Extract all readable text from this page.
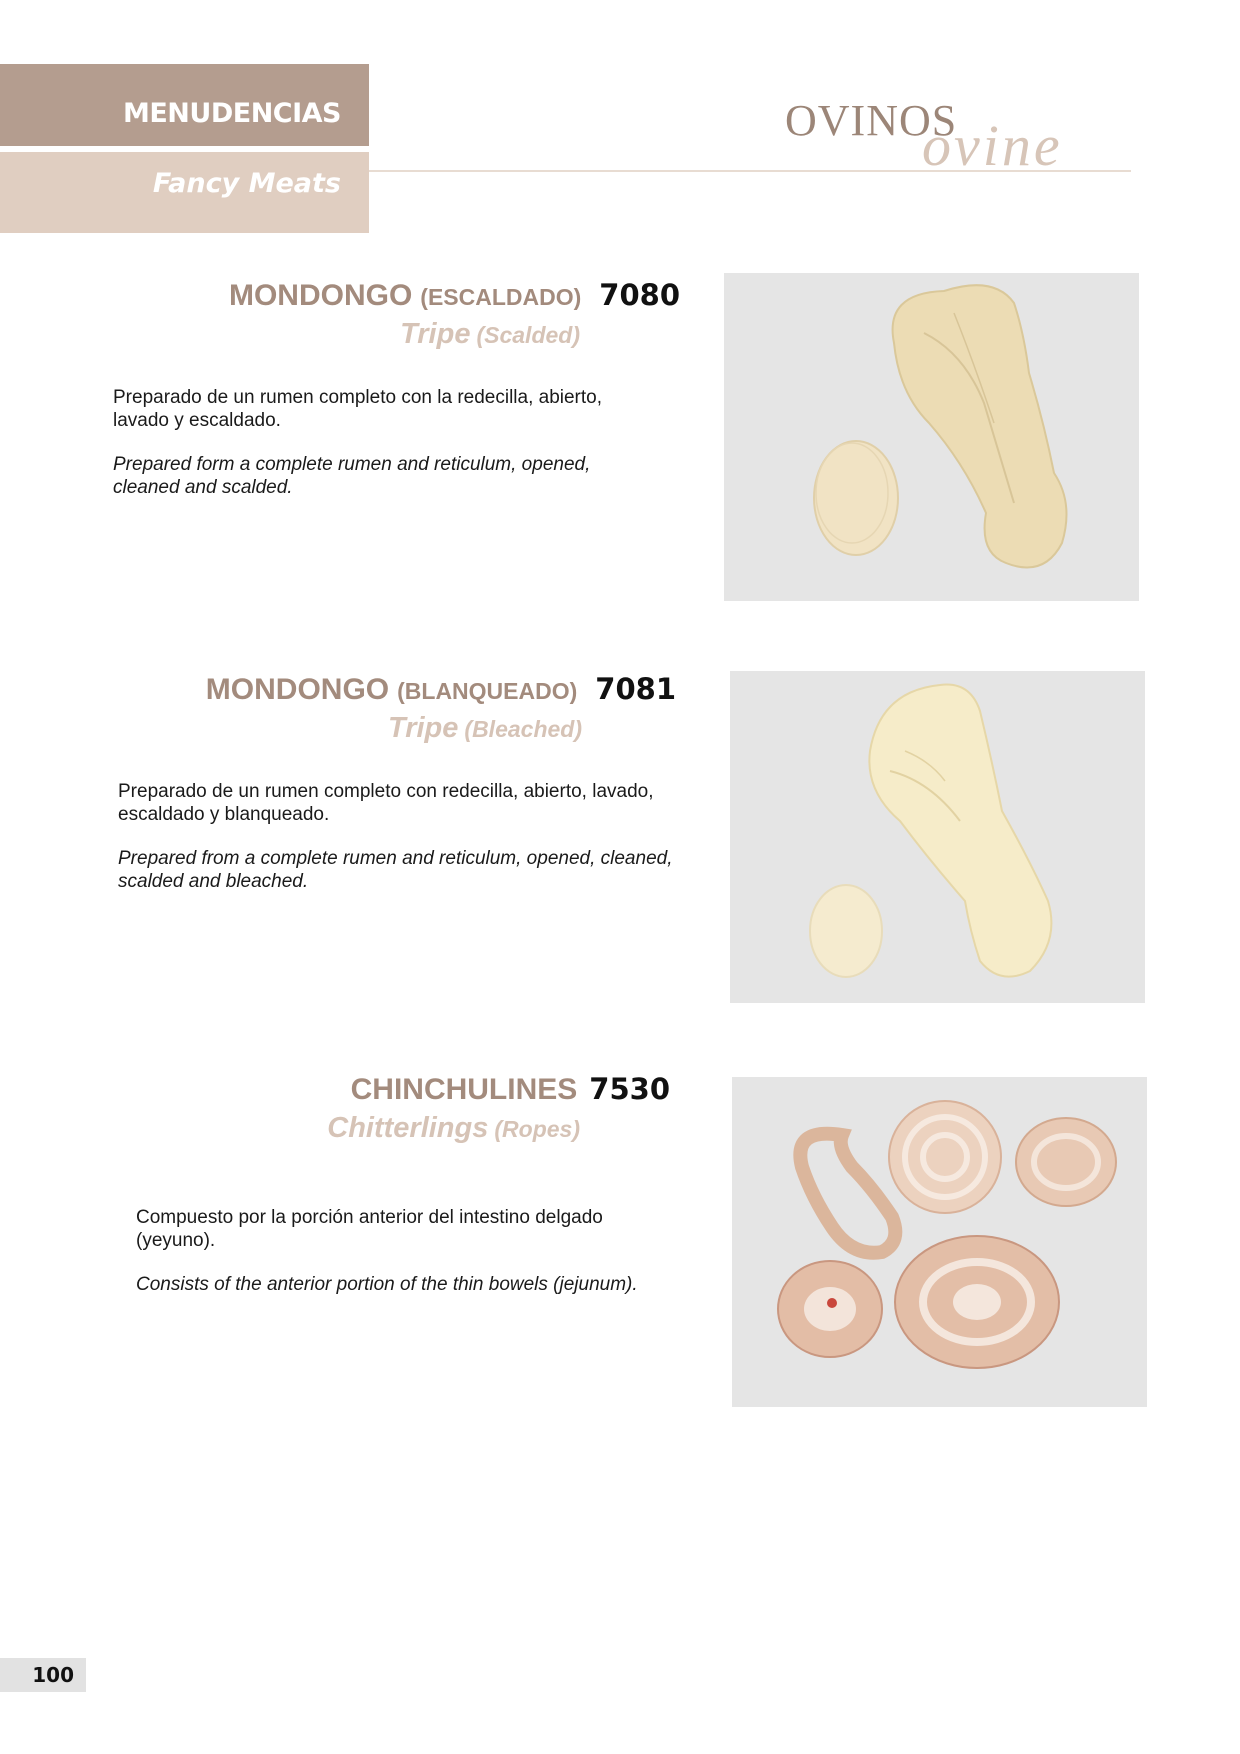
MENUDENCIAS
Fancy Meats
OVINOS
ovine
MONDONGO (ESCALDADO) 7080
Tripe (Scalded)

Preparado de un rumen completo con la redecilla, abierto, lavado y escaldado.

Prepared form a complete rumen and reticulum, opened, cleaned and scalded.

MONDONGO (BLANQUEADO) 7081
Tripe (Bleached)

Preparado de un rumen completo con redecilla, abierto, lavado, escaldado y blanqueado.

Prepared from a complete rumen and reticulum, opened, cleaned, scalded and bleached.

CHINCHULINES 7530
Chitterlings (Ropes)

Compuesto por la porción anterior del intestino delgado (yeyuno).

Consists of the anterior portion of the thin bowels (jejunum).

100
